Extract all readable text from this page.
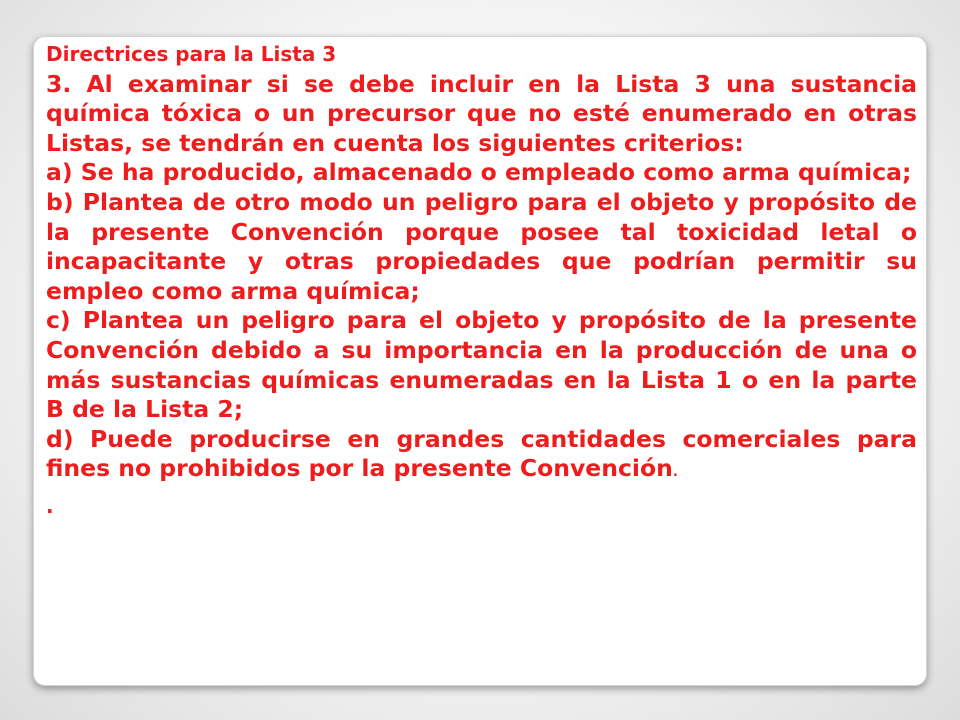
Directrices para la Lista 3

3. Al examinar si se debe incluir en la Lista 3 una sustancia química tóxica o un precursor que no esté enumerado en otras Listas, se tendrán en cuenta los siguientes criterios:

a) Se ha producido, almacenado o empleado como arma química;

b) Plantea de otro modo un peligro para el objeto y propósito de la presente Convención porque posee tal toxicidad letal o incapacitante y otras propiedades que podrían permitir su empleo como arma química;

c) Plantea un peligro para el objeto y propósito de la presente Convención debido a su importancia en la producción de una o más sustancias químicas enumeradas en la Lista 1 o en la parte B de la Lista 2;

d) Puede producirse en grandes cantidades comerciales para fines no prohibidos por la presente Convención.

.
